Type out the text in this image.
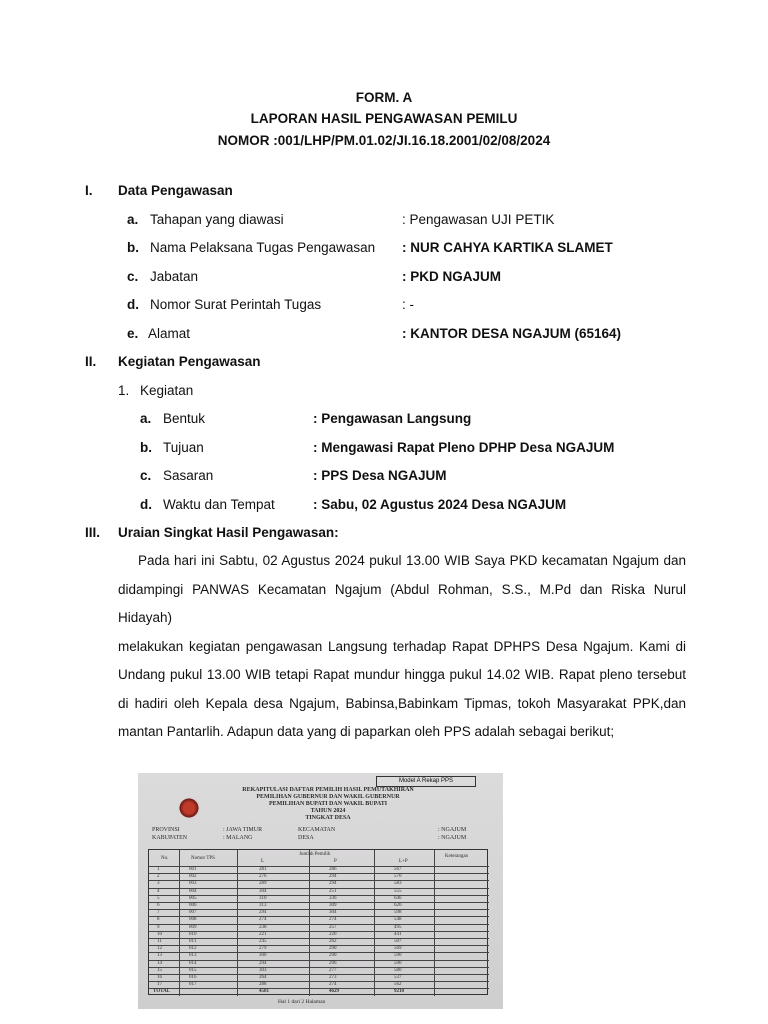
FORM. A
LAPORAN HASIL PENGAWASAN PEMILU
NOMOR :001/LHP/PM.01.02/JI.16.18.2001/02/08/2024
I. Data Pengawasan
a. Tahapan yang diawasi	: Pengawasan UJI PETIK
b. Nama Pelaksana Tugas Pengawasan : NUR CAHYA KARTIKA SLAMET
c. Jabatan	: PKD NGAJUM
d. Nomor Surat Perintah Tugas	: -
e. Alamat	: KANTOR DESA NGAJUM (65164)
II. Kegiatan Pengawasan
1. Kegiatan
a. Bentuk	: Pengawasan Langsung
b. Tujuan	: Mengawasi Rapat Pleno DPHP Desa NGAJUM
c. Sasaran	: PPS Desa NGAJUM
d. Waktu dan Tempat	: Sabu, 02 Agustus 2024 Desa NGAJUM
III. Uraian Singkat Hasil Pengawasan:
Pada hari ini Sabtu, 02 Agustus 2024 pukul 13.00 WIB Saya PKD kecamatan Ngajum dan
didampingi PANWAS Kecamatan Ngajum (Abdul Rohman, S.S., M.Pd dan Riska Nurul Hidayah)
melakukan kegiatan pengawasan Langsung terhadap Rapat DPHPS Desa Ngajum. Kami di
Undang pukul 13.00 WIB tetapi Rapat mundur hingga pukul 14.02 WIB. Rapat pleno tersebut
di hadiri oleh Kepala desa Ngajum, Babinsa,Babinkam Tipmas, tokoh Masyarakat PPK,dan
mantan Pantarlih. Adapun data yang di paparkan oleh PPS adalah sebagai berikut;
Model A Rekap PPS
REKAPITULASI DAFTAR PEMILIH HASIL PEMUTAKHIRAN
PEMILIHAN GUBERNUR DAN WAKIL GUBERNUR
PEMILIHAN BUPATI DAN WAKIL BUPATI
TAHUN 2024
TINGKAT DESA
PROVINSI	: JAWA TIMUR	KECAMATAN	: NGAJUM
KABUPATEN	: MALANG	DESA	: NGAJUM
No.	Nomor TPS
Jumlah Pemilih
L	P	L+P
Keterangan
1	001	281	286	567
2	002	276	294	570
3	003	289	294	583
4	004	304	251	555
5	005	310	336	646
6	006	313	309	620
7	007	294	304	598
8	008	274	274	548
9	009	238	257	495
10	010	221	220	441
11	011	245	262	507
12	012	279	290	569
13	013	300	290	590
14	014	294	296	590
15	015	303	277	580
16	016	264	273	537
17	017	288	274	562
TOTAL	4581	4629	9210
Hal 1 dari 2 Halaman
